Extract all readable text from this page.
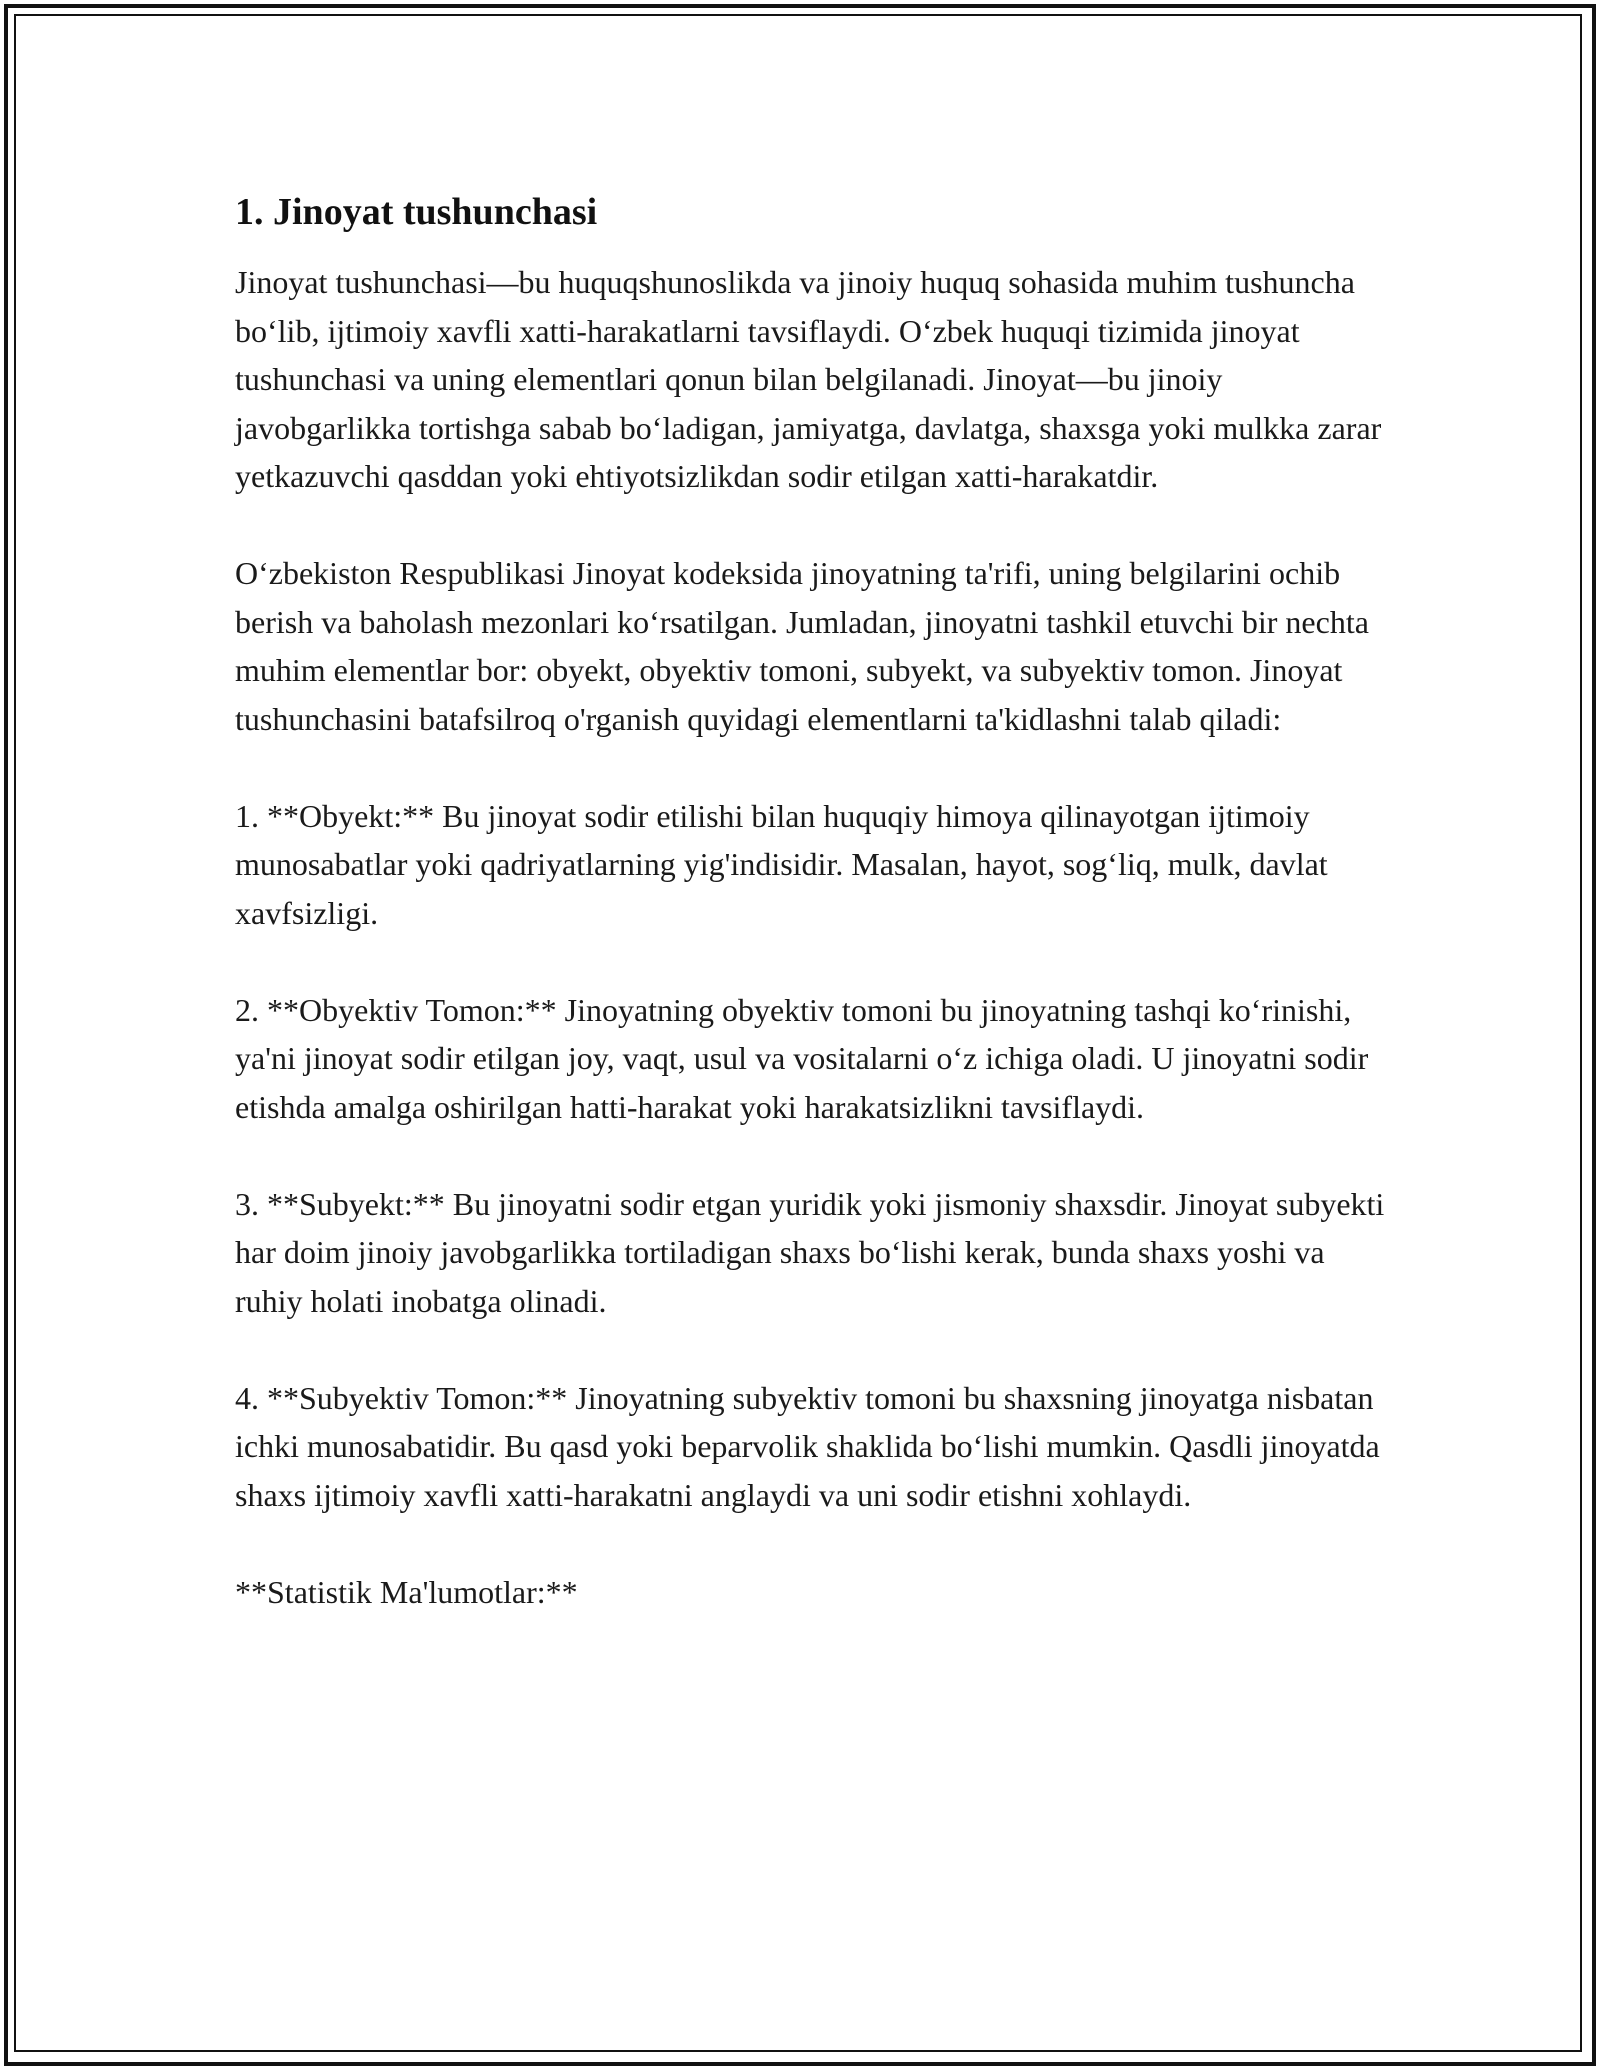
1. Jinoyat tushunchasi

Jinoyat tushunchasi—bu huquqshunoslikda va jinoiy huquq sohasida muhim tushuncha bo‘lib, ijtimoiy xavfli xatti-harakatlarni tavsiflaydi. O‘zbek huquqi tizimida jinoyat tushunchasi va uning elementlari qonun bilan belgilanadi. Jinoyat—bu jinoiy javobgarlikka tortishga sabab bo‘ladigan, jamiyatga, davlatga, shaxsga yoki mulkka zarar yetkazuvchi qasddan yoki ehtiyotsizlikdan sodir etilgan xatti-harakatdir.

O‘zbekiston Respublikasi Jinoyat kodeksida jinoyatning ta'rifi, uning belgilarini ochib berish va baholash mezonlari ko‘rsatilgan. Jumladan, jinoyatni tashkil etuvchi bir nechta muhim elementlar bor: obyekt, obyektiv tomoni, subyekt, va subyektiv tomon. Jinoyat tushunchasini batafsilroq o'rganish quyidagi elementlarni ta'kidlashni talab qiladi:

1. **Obyekt:** Bu jinoyat sodir etilishi bilan huquqiy himoya qilinayotgan ijtimoiy munosabatlar yoki qadriyatlarning yig'indisidir. Masalan, hayot, sog‘liq, mulk, davlat xavfsizligi.

2. **Obyektiv Tomon:** Jinoyatning obyektiv tomoni bu jinoyatning tashqi ko‘rinishi, ya'ni jinoyat sodir etilgan joy, vaqt, usul va vositalarni o‘z ichiga oladi. U jinoyatni sodir etishda amalga oshirilgan hatti-harakat yoki harakatsizlikni tavsiflaydi.

3. **Subyekt:** Bu jinoyatni sodir etgan yuridik yoki jismoniy shaxsdir. Jinoyat subyekti har doim jinoiy javobgarlikka tortiladigan shaxs bo‘lishi kerak, bunda shaxs yoshi va ruhiy holati inobatga olinadi.

4. **Subyektiv Tomon:** Jinoyatning subyektiv tomoni bu shaxsning jinoyatga nisbatan ichki munosabatidir. Bu qasd yoki beparvolik shaklida bo‘lishi mumkin. Qasdli jinoyatda shaxs ijtimoiy xavfli xatti-harakatni anglaydi va uni sodir etishni xohlaydi.

**Statistik Ma'lumotlar:**
